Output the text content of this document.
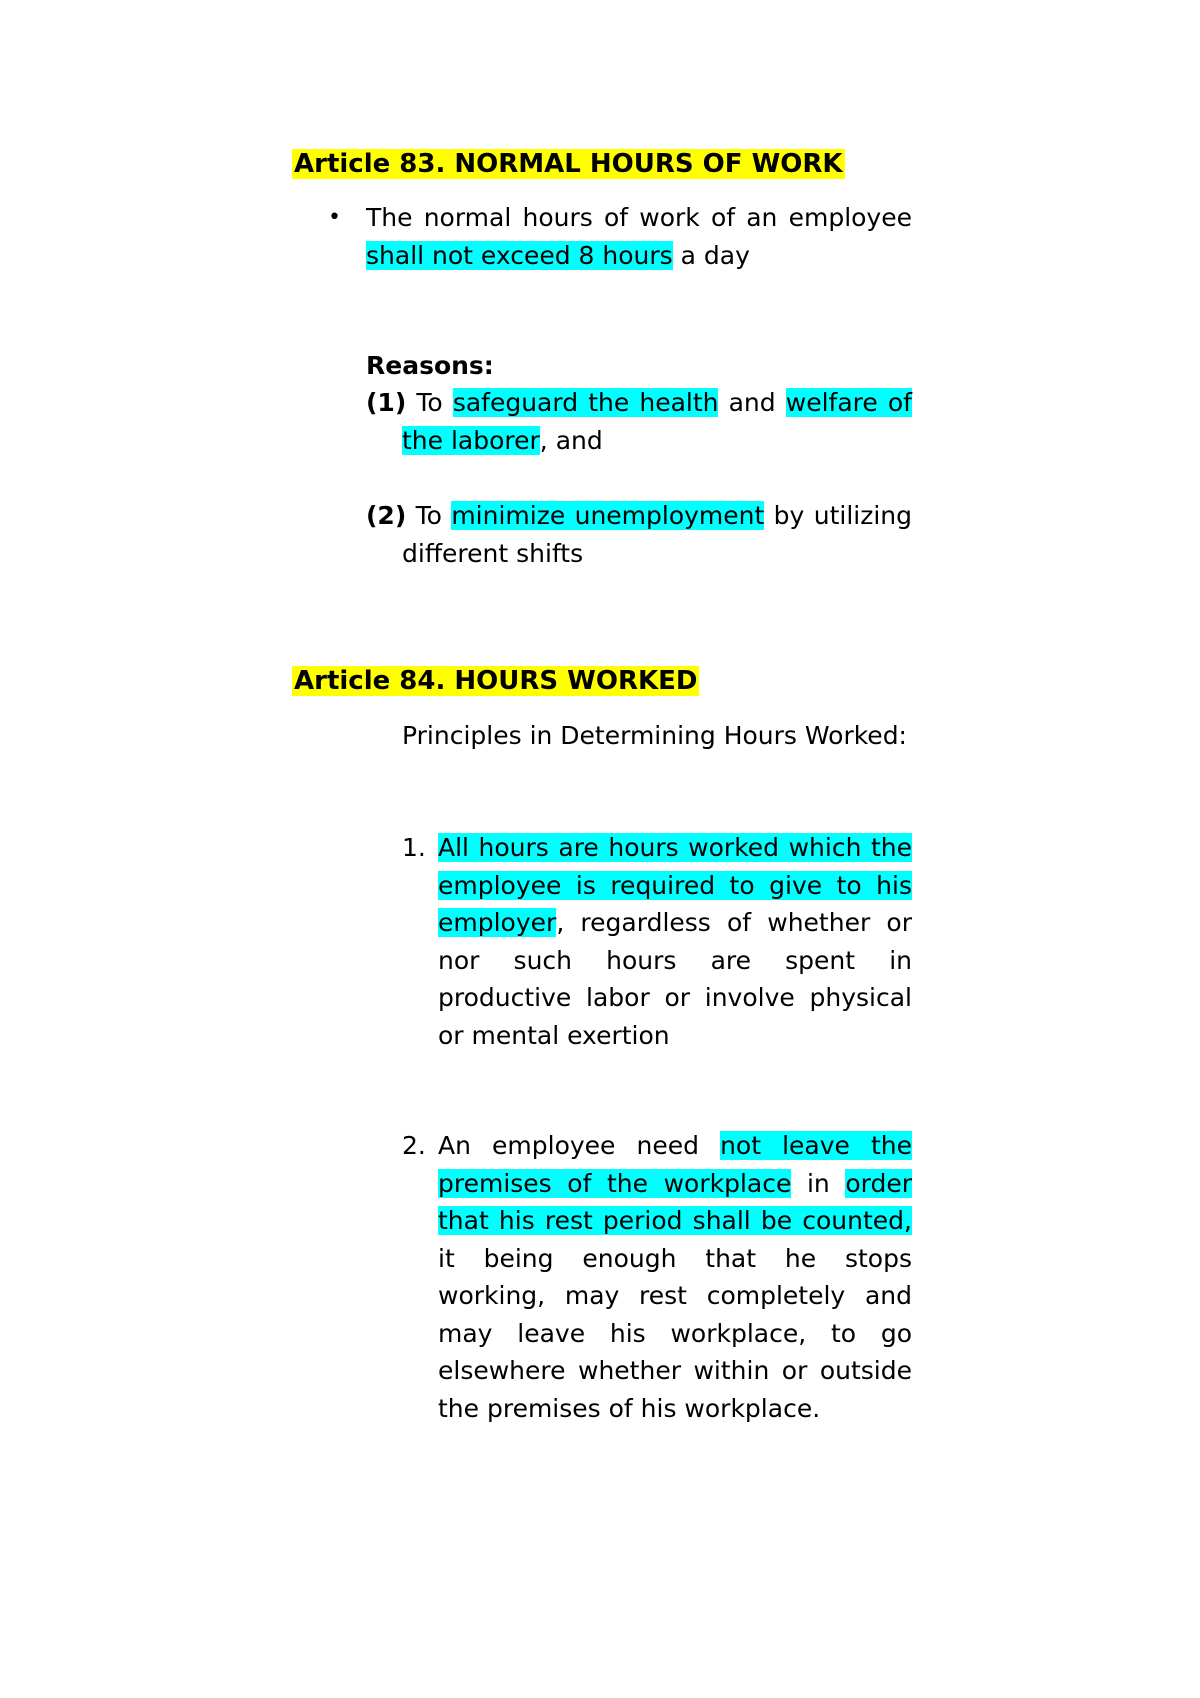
Article 83. NORMAL HOURS OF WORK
• The normal hours of work of an employee shall not exceed 8 hours a day

Reasons:

(1) To safeguard the health and welfare of the laborer, and

(2) To minimize unemployment by utilizing different shifts

Article 84. HOURS WORKED

Principles in Determining Hours Worked:

1. All hours are hours worked which the employee is required to give to his employer, regardless of whether or nor such hours are spent in productive labor or involve physical or mental exertion

2. An employee need not leave the premises of the workplace in order that his rest period shall be counted, it being enough that he stops working, may rest completely and may leave his workplace, to go elsewhere whether within or outside the premises of his workplace.
